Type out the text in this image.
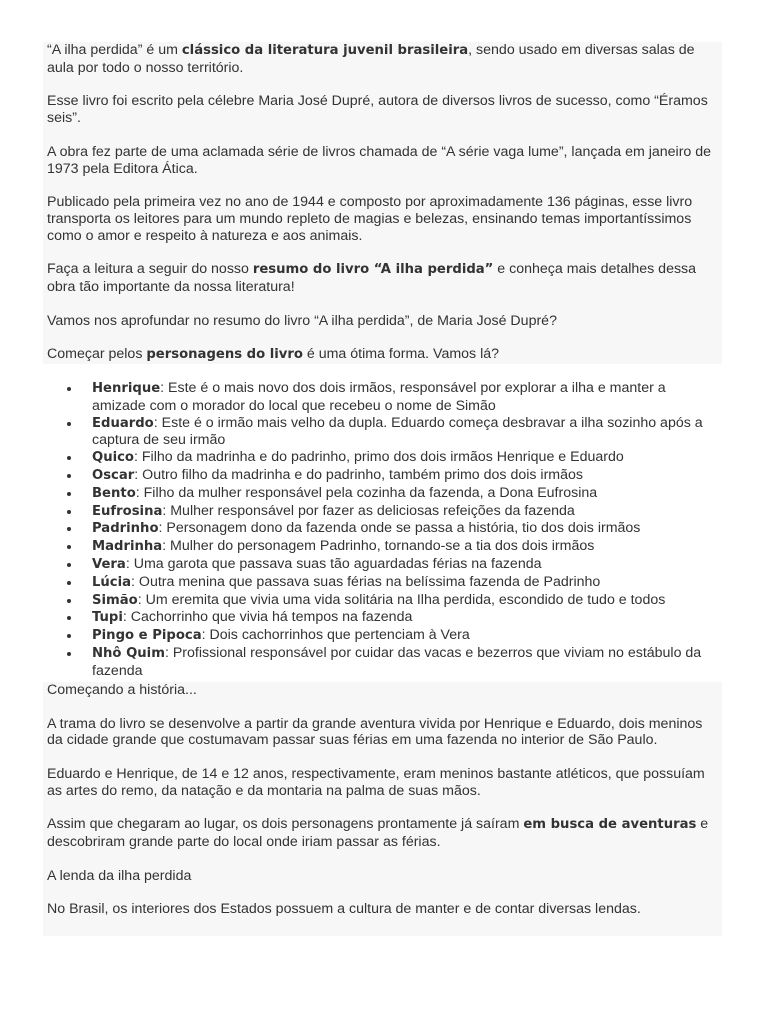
“A ilha perdida” é um clássico da literatura juvenil brasileira, sendo usado em diversas salas de aula por todo o nosso território.

Esse livro foi escrito pela célebre Maria José Dupré, autora de diversos livros de sucesso, como “Éramos seis”.

A obra fez parte de uma aclamada série de livros chamada de “A série vaga lume”, lançada em janeiro de 1973 pela Editora Ática.

Publicado pela primeira vez no ano de 1944 e composto por aproximadamente 136 páginas, esse livro transporta os leitores para um mundo repleto de magias e belezas, ensinando temas importantíssimos como o amor e respeito à natureza e aos animais.

Faça a leitura a seguir do nosso resumo do livro “A ilha perdida” e conheça mais detalhes dessa obra tão importante da nossa literatura!

Vamos nos aprofundar no resumo do livro “A ilha perdida”, de Maria José Dupré?

Começar pelos personagens do livro é uma ótima forma. Vamos lá?

Henrique: Este é o mais novo dos dois irmãos, responsável por explorar a ilha e manter a amizade com o morador do local que recebeu o nome de Simão
Eduardo: Este é o irmão mais velho da dupla. Eduardo começa desbravar a ilha sozinho após a captura de seu irmão
Quico: Filho da madrinha e do padrinho, primo dos dois irmãos Henrique e Eduardo
Oscar: Outro filho da madrinha e do padrinho, também primo dos dois irmãos
Bento: Filho da mulher responsável pela cozinha da fazenda, a Dona Eufrosina
Eufrosina: Mulher responsável por fazer as deliciosas refeições da fazenda
Padrinho: Personagem dono da fazenda onde se passa a história, tio dos dois irmãos
Madrinha: Mulher do personagem Padrinho, tornando-se a tia dos dois irmãos
Vera: Uma garota que passava suas tão aguardadas férias na fazenda
Lúcia: Outra menina que passava suas férias na belíssima fazenda de Padrinho
Simão: Um eremita que vivia uma vida solitária na Ilha perdida, escondido de tudo e todos
Tupi: Cachorrinho que vivia há tempos na fazenda
Pingo e Pipoca: Dois cachorrinhos que pertenciam à Vera
Nhô Quim: Profissional responsável por cuidar das vacas e bezerros que viviam no estábulo da fazenda

Começando a história...

A trama do livro se desenvolve a partir da grande aventura vivida por Henrique e Eduardo, dois meninos da cidade grande que costumavam passar suas férias em uma fazenda no interior de São Paulo.

Eduardo e Henrique, de 14 e 12 anos, respectivamente, eram meninos bastante atléticos, que possuíam as artes do remo, da natação e da montaria na palma de suas mãos.

Assim que chegaram ao lugar, os dois personagens prontamente já saíram em busca de aventuras e descobriram grande parte do local onde iriam passar as férias.

A lenda da ilha perdida

No Brasil, os interiores dos Estados possuem a cultura de manter e de contar diversas lendas.
